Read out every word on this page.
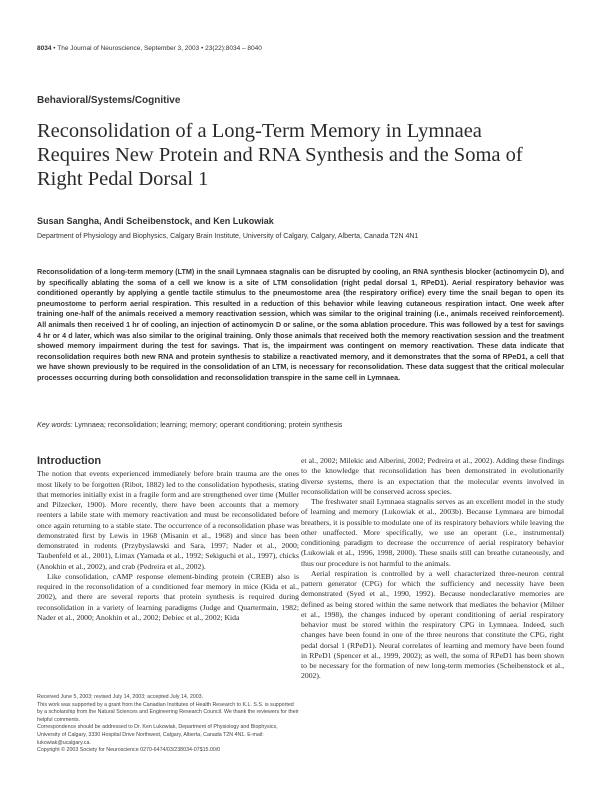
8034 • The Journal of Neuroscience, September 3, 2003 • 23(22):8034 – 8040
Behavioral/Systems/Cognitive
Reconsolidation of a Long-Term Memory in Lymnaea
Requires New Protein and RNA Synthesis and the Soma of
Right Pedal Dorsal 1
Susan Sangha, Andi Scheibenstock, and Ken Lukowiak
Department of Physiology and Biophysics, Calgary Brain Institute, University of Calgary, Calgary, Alberta, Canada T2N 4N1

Reconsolidation of a long-term memory (LTM) in the snail Lymnaea stagnalis can be disrupted by cooling, an RNA synthesis blocker (actinomycin D), and by specifically ablating the soma of a cell we know is a site of LTM consolidation (right pedal dorsal 1, RPeD1). Aerial respiratory behavior was conditioned operantly by applying a gentle tactile stimulus to the pneumostome area (the respiratory orifice) every time the snail began to open its pneumostome to perform aerial respiration. This resulted in a reduction of this behavior while leaving cutaneous respiration intact. One week after training one-half of the animals received a memory reactivation session, which was similar to the original training (i.e., animals received reinforcement). All animals then received 1 hr of cooling, an injection of actinomycin D or saline, or the soma ablation procedure. This was followed by a test for savings 4 hr or 4 d later, which was also similar to the original training. Only those animals that received both the memory reactivation session and the treatment showed memory impairment during the test for savings. That is, the impairment was contingent on memory reactivation. These data indicate that reconsolidation requires both new RNA and protein synthesis to stabilize a reactivated memory, and it demonstrates that the soma of RPeD1, a cell that we have shown previously to be required in the consolidation of an LTM, is necessary for reconsolidation. These data suggest that the critical molecular processes occurring during both consolidation and reconsolidation transpire in the same cell in Lymnaea.

Key words: Lymnaea; reconsolidation; learning; memory; operant conditioning; protein synthesis
Introduction

The notion that events experienced immediately before brain trauma are the ones most likely to be forgotten (Ribot, 1882) led to the consolidation hypothesis, stating that memories initially exist in a fragile form and are strengthened over time (Muller and Pilzecker, 1900). More recently, there have been accounts that a memory reenters a labile state with memory reactivation and must be reconsolidated before once again returning to a stable state. The occurrence of a reconsolidation phase was demonstrated first by Lewis in 1968 (Misanin et al., 1968) and since has been demonstrated in rodents (Przybyslawski and Sara, 1997; Nader et al., 2000; Taubenfeld et al., 2001), Limax (Yamada et al., 1992; Sekiguchi et al., 1997), chicks (Anokhin et al., 2002), and crab (Pedreira et al., 2002).

Like consolidation, cAMP response element-binding protein (CREB) also is required in the reconsolidation of a conditioned fear memory in mice (Kida et al., 2002), and there are several reports that protein synthesis is required during reconsolidation in a variety of learning paradigms (Judge and Quartermain, 1982; Nader et al., 2000; Anokhin et al., 2002; Debiec et al., 2002; Kida

Received June 5, 2003; revised July 14, 2003; accepted July 14, 2003.

This work was supported by a grant from the Canadian Institutes of Health Research to K.L. S.S. is supported by a scholarship from the Natural Sciences and Engineering Research Council. We thank the reviewers for their helpful comments.

Correspondence should be addressed to Dr. Ken Lukowiak, Department of Physiology and Biophysics, University of Calgary, 3330 Hospital Drive Northwest, Calgary, Alberta, Canada T2N 4N1. E-mail: lukowiak@ucalgary.ca.

Copyright © 2003 Society for Neuroscience 0270-6474/03/238034-07$15.00/0

et al., 2002; Milekic and Alberini, 2002; Pedreira et al., 2002). Adding these findings to the knowledge that reconsolidation has been demonstrated in evolutionarily diverse systems, there is an expectation that the molecular events involved in reconsolidation will be conserved across species.

The freshwater snail Lymnaea stagnalis serves as an excellent model in the study of learning and memory (Lukowiak et al., 2003b). Because Lymnaea are bimodal breathers, it is possible to modulate one of its respiratory behaviors while leaving the other unaffected. More specifically, we use an operant (i.e., instrumental) conditioning paradigm to decrease the occurrence of aerial respiratory behavior (Lukowiak et al., 1996, 1998, 2000). These snails still can breathe cutaneously, and thus our procedure is not harmful to the animals.

Aerial respiration is controlled by a well characterized three-neuron central pattern generator (CPG) for which the sufficiency and necessity have been demonstrated (Syed et al., 1990, 1992). Because nondeclarative memories are defined as being stored within the same network that mediates the behavior (Milner et al., 1998), the changes induced by operant conditioning of aerial respiratory behavior must be stored within the respiratory CPG in Lymnaea. Indeed, such changes have been found in one of the three neurons that constitute the CPG, right pedal dorsal 1 (RPeD1). Neural correlates of learning and memory have been found in RPeD1 (Spencer et al., 1999, 2002); as well, the soma of RPeD1 has been shown to be necessary for the formation of new long-term memories (Scheibenstock et al., 2002).
